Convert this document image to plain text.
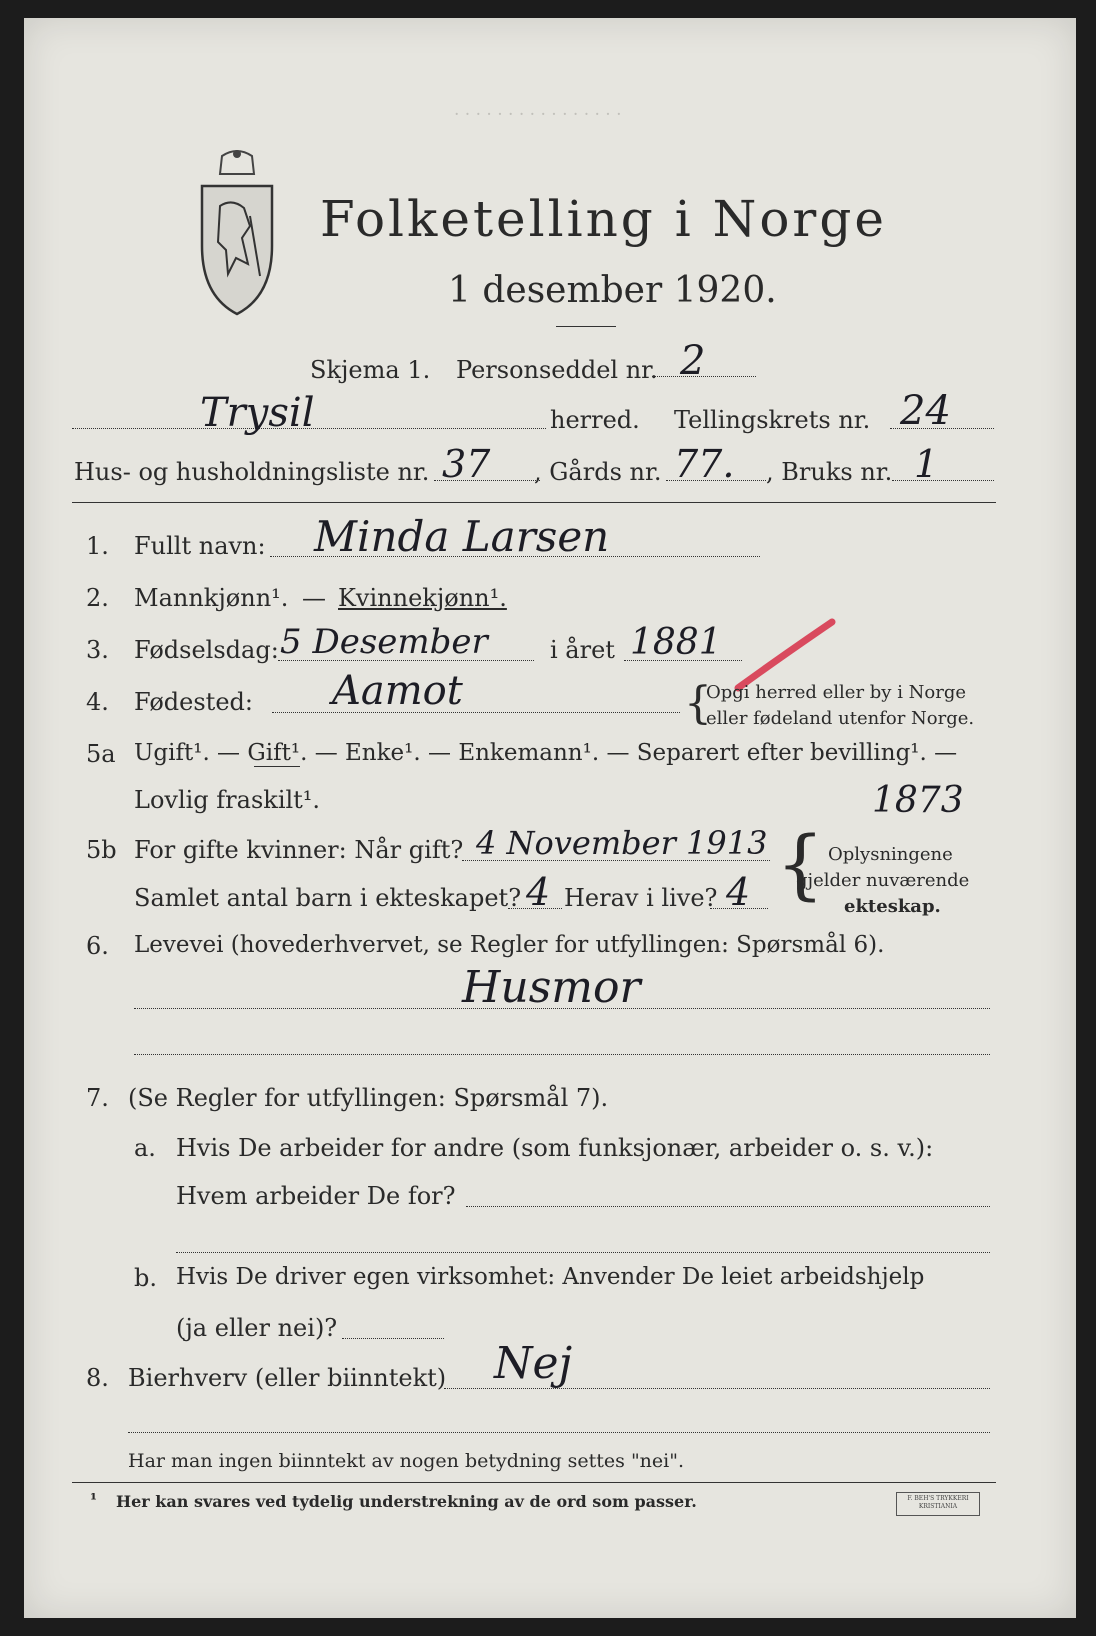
. . . . . . . . . . . . . . . .
Folketelling i Norge
1 desember 1920.
Skjema 1. Personseddel nr. 2
Trysil	herred. Tellingskrets nr. 24
Hus- og husholdningsliste nr. 37 , Gårds nr. 77. , Bruks nr. 1
1. Fullt navn: Minda Larsen
2. Mannkjønn¹. — Kvinnekjønn¹.
3. Fødselsdag: 5 Desember	i året 1881
4. Fødested: Aamot	{
Opgi herred eller by i Norge
eller fødeland utenfor Norge.
5a Ugift¹. — Gift¹. — Enke¹. — Enkemann¹. — Separert efter bevilling¹. —
Lovlig fraskilt¹.	1873
5b For gifte kvinner: Når gift? 4 November 1913
Samlet antal barn i ekteskapet? 4 Herav i live? 4 { Oplysningene
gjelder nuværende
ekteskap.
6. Levevei (hovederhvervet, se Regler for utfyllingen: Spørsmål 6).
Husmor
7. (Se Regler for utfyllingen: Spørsmål 7).
a. Hvis De arbeider for andre (som funksjonær, arbeider o. s. v.):
Hvem arbeider De for?
b. Hvis De driver egen virksomhet: Anvender De leiet arbeidshjelp
(ja eller nei)?
8. Bierhverv (eller biinntekt) Nej
Har man ingen biinntekt av nogen betydning settes "nei".
¹ Her kan svares ved tydelig understrekning av de ord som passer.	F. BEH'S TRYKKERI KRISTIANIA
